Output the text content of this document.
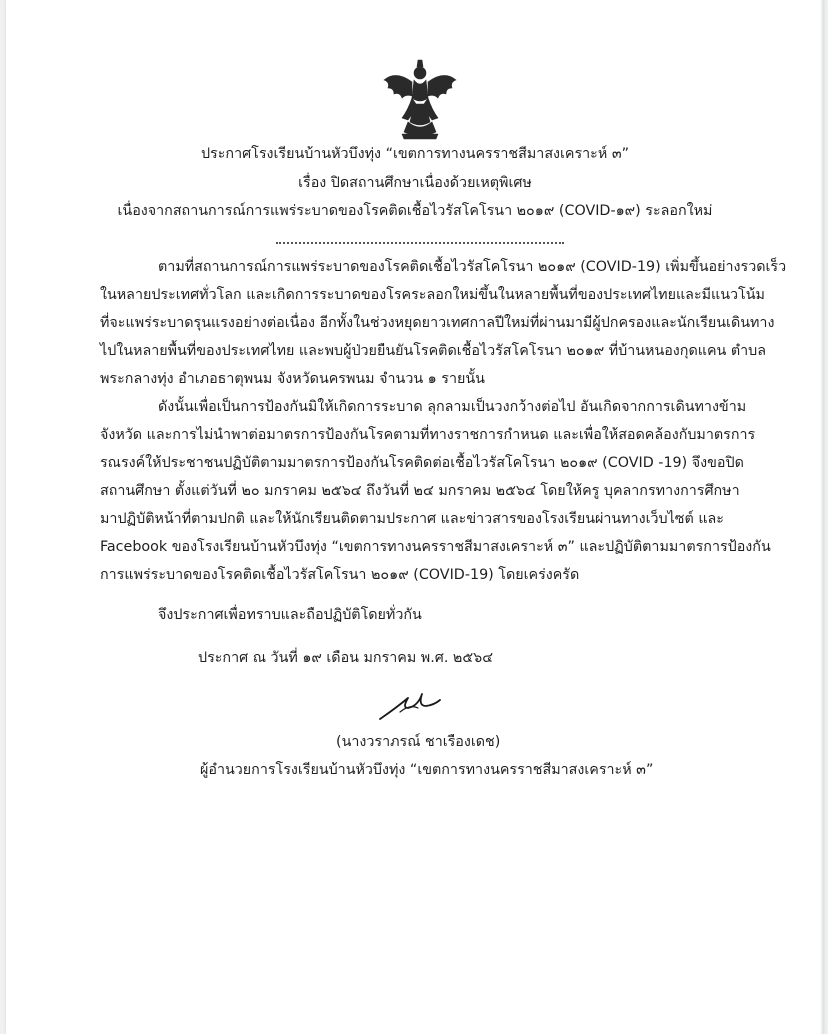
ประกาศโรงเรียนบ้านหัวบึงทุ่ง “เขตการทางนครราชสีมาสงเคราะห์ ๓”
เรื่อง ปิดสถานศึกษาเนื่องด้วยเหตุพิเศษ
เนื่องจากสถานการณ์การแพร่ระบาดของโรคติดเชื้อไวรัสโคโรนา ๒๐๑๙ (COVID-๑๙) ระลอกใหม่
ตามที่สถานการณ์การแพร่ระบาดของโรคติดเชื้อไวรัสโคโรนา ๒๐๑๙ (COVID-19) เพิ่มขึ้นอย่างรวดเร็ว
ในหลายประเทศทั่วโลก และเกิดการระบาดของโรคระลอกใหม่ขึ้นในหลายพื้นที่ของประเทศไทยและมีแนวโน้ม
ที่จะแพร่ระบาดรุนแรงอย่างต่อเนื่อง อีกทั้งในช่วงหยุดยาวเทศกาลปีใหม่ที่ผ่านมามีผู้ปกครองและนักเรียนเดินทาง
ไปในหลายพื้นที่ของประเทศไทย และพบผู้ป่วยยืนยันโรคติดเชื้อไวรัสโคโรนา ๒๐๑๙ ที่บ้านหนองกุดแคน ตำบล
พระกลางทุ่ง อำเภอธาตุพนม จังหวัดนครพนม จำนวน ๑ รายนั้น
ดังนั้นเพื่อเป็นการป้องกันมิให้เกิดการระบาด ลุกลามเป็นวงกว้างต่อไป อันเกิดจากการเดินทางข้าม
จังหวัด และการไม่นำพาต่อมาตรการป้องกันโรคตามที่ทางราชการกำหนด และเพื่อให้สอดคล้องกับมาตรการ
รณรงค์ให้ประชาชนปฏิบัติตามมาตรการป้องกันโรคติดต่อเชื้อไวรัสโคโรนา ๒๐๑๙ (COVID -19) จึงขอปิด
สถานศึกษา ตั้งแต่วันที่ ๒๐ มกราคม ๒๕๖๔ ถึงวันที่ ๒๔ มกราคม ๒๕๖๔ โดยให้ครู บุคลากรทางการศึกษา
มาปฏิบัติหน้าที่ตามปกติ และให้นักเรียนติดตามประกาศ และข่าวสารของโรงเรียนผ่านทางเว็บไซต์ และ
Facebook ของโรงเรียนบ้านหัวบึงทุ่ง “เขตการทางนครราชสีมาสงเคราะห์ ๓” และปฏิบัติตามมาตรการป้องกัน
การแพร่ระบาดของโรคติดเชื้อไวรัสโคโรนา ๒๐๑๙ (COVID-19) โดยเคร่งครัด
จึงประกาศเพื่อทราบและถือปฏิบัติโดยทั่วกัน
ประกาศ ณ วันที่ ๑๙ เดือน มกราคม พ.ศ. ๒๕๖๔
(นางวราภรณ์ ชาเรืองเดช)
ผู้อำนวยการโรงเรียนบ้านหัวบึงทุ่ง “เขตการทางนครราชสีมาสงเคราะห์ ๓”
